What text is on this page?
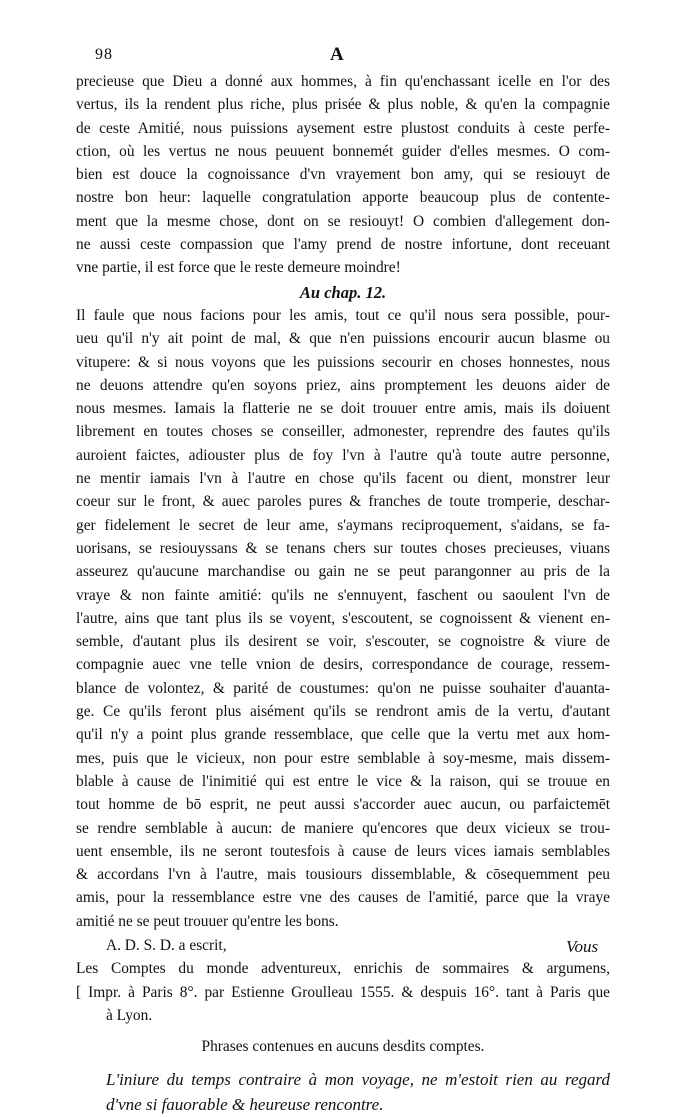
98	A
precieuse que Dieu a donné aux hommes, à fin qu'enchassant icelle en l'or des
vertus, ils la rendent plus riche, plus prisée & plus noble, & qu'en la compagnie
de ceste Amitié, nous puissions aysement estre plustost conduits à ceste perfe-
ction, où les vertus ne nous peuuent bonnemét guider d'elles mesmes. O com-
bien est douce la cognoissance d'vn vrayement bon amy, qui se resiouyt de
nostre bon heur: laquelle congratulation apporte beaucoup plus de contente-
ment que la mesme chose, dont on se resiouyt! O combien d'allegement don-
ne aussi ceste compassion que l'amy prend de nostre infortune, dont receuant
vne partie, il est force que le reste demeure moindre!
Au chap. 12.
Il faule que nous facions pour les amis, tout ce qu'il nous sera possible, pour-
ueu qu'il n'y ait point de mal, & que n'en puissions encourir aucun blasme ou
vitupere: & si nous voyons que les puissions secourir en choses honnestes, nous
ne deuons attendre qu'en soyons priez, ains promptement les deuons aider de
nous mesmes. Iamais la flatterie ne se doit trouuer entre amis, mais ils doiuent
librement en toutes choses se conseiller, admonester, reprendre des fautes qu'ils
auroient faictes, adiouster plus de foy l'vn à l'autre qu'à toute autre personne,
ne mentir iamais l'vn à l'autre en chose qu'ils facent ou dient, monstrer leur
coeur sur le front, & auec paroles pures & franches de toute tromperie, deschar-
ger fidelement le secret de leur ame, s'aymans reciproquement, s'aidans, se fa-
uorisans, se resiouyssans & se tenans chers sur toutes choses precieuses, viuans
asseurez qu'aucune marchandise ou gain ne se peut parangonner au pris de la
vraye & non fainte amitié: qu'ils ne s'ennuyent, faschent ou saoulent l'vn de
l'autre, ains que tant plus ils se voyent, s'escoutent, se cognoissent & vienent en-
semble, d'autant plus ils desirent se voir, s'escouter, se cognoistre & viure de
compagnie auec vne telle vnion de desirs, correspondance de courage, ressem-
blance de volontez, & parité de coustumes: qu'on ne puisse souhaiter d'auanta-
ge. Ce qu'ils feront plus aisément qu'ils se rendront amis de la vertu, d'autant
qu'il n'y a point plus grande ressemblace, que celle que la vertu met aux hom-
mes, puis que le vicieux, non pour estre semblable à soy-mesme, mais dissem-
blable à cause de l'inimitié qui est entre le vice & la raison, qui se trouue en
tout homme de bō esprit, ne peut aussi s'accorder auec aucun, ou parfaictemēt
se rendre semblable à aucun: de maniere qu'encores que deux vicieux se trou-
uent ensemble, ils ne seront toutesfois à cause de leurs vices iamais semblables
& accordans l'vn à l'autre, mais tousiours dissemblable, & cōsequemment peu
amis, pour la ressemblance estre vne des causes de l'amitié, parce que la vraye
amitié ne se peut trouuer qu'entre les bons.
A. D. S. D. a escrit,
Les Comptes du monde adventureux, enrichis de sommaires & argumens,
[ Impr. à Paris 8°. par Estienne Groulleau 1555. & despuis 16°. tant à Paris que
à Lyon.
Phrases contenues en aucuns desdits comptes.
L'iniure du temps contraire à mon voyage, ne m'estoit rien au regard
d'vne si fauorable & heureuse rencontre.
Vous
